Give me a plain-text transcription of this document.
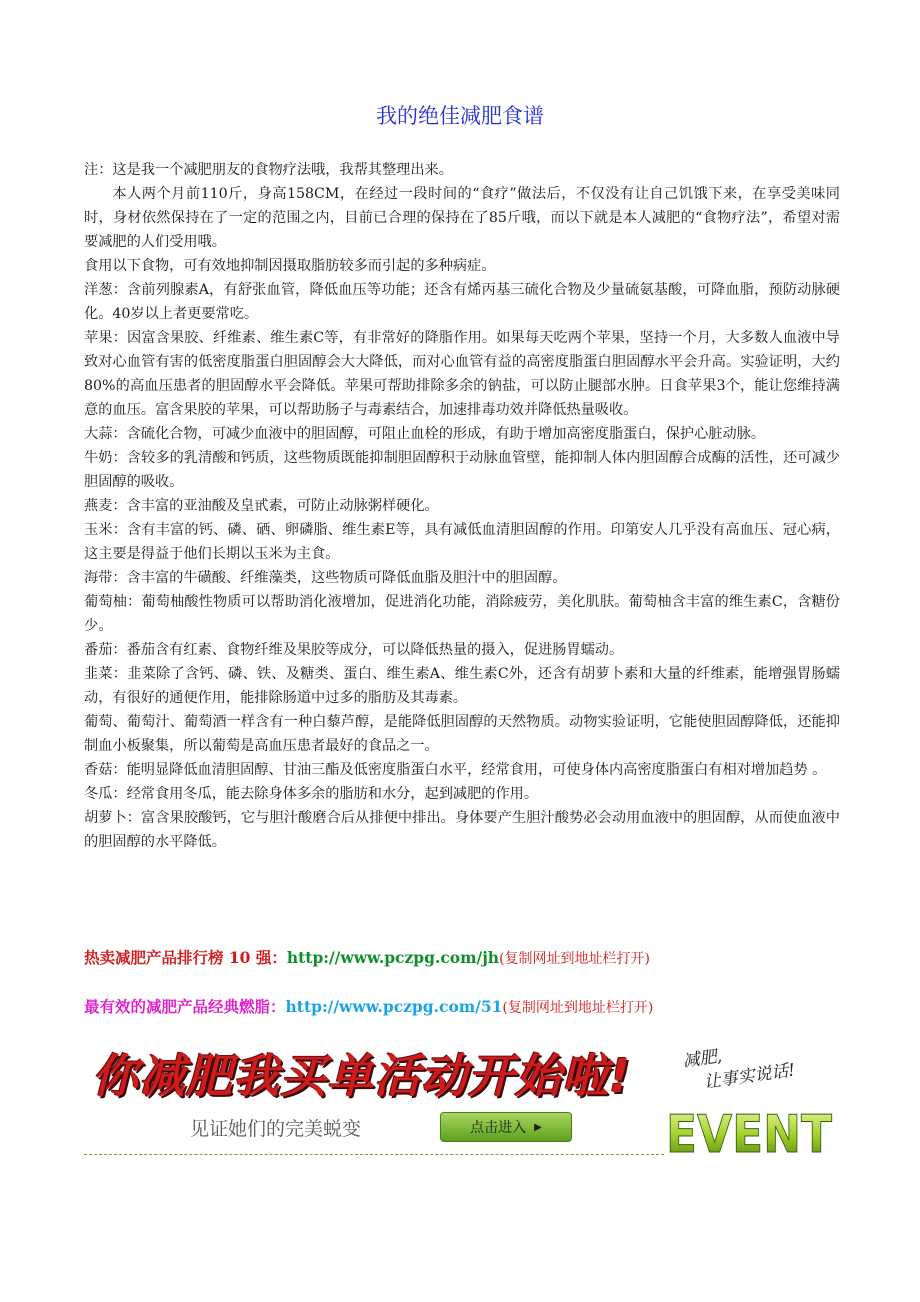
我的绝佳减肥食谱

注：这是我一个减肥朋友的食物疗法哦，我帮其整理出来。

本人两个月前110斤，身高158CM，在经过一段时间的“食疗”做法后，不仅没有让自己饥饿下来，在享受美味同时，身材依然保持在了一定的范围之内，目前已合理的保持在了85斤哦，而以下就是本人减肥的“食物疗法”，希望对需要减肥的人们受用哦。

食用以下食物，可有效地抑制因摄取脂肪较多而引起的多种病症。

洋葱：含前列腺素A，有舒张血管，降低血压等功能；还含有烯丙基三硫化合物及少量硫氨基酸，可降血脂，预防动脉硬化。40岁以上者更要常吃。

苹果：因富含果胶、纤维素、维生素C等，有非常好的降脂作用。如果每天吃两个苹果，坚持一个月，大多数人血液中导致对心血管有害的低密度脂蛋白胆固醇会大大降低，而对心血管有益的高密度脂蛋白胆固醇水平会升高。实验证明，大约80%的高血压患者的胆固醇水平会降低。苹果可帮助排除多余的钠盐，可以防止腿部水肿。日食苹果3个，能让您维持满意的血压。富含果胶的苹果，可以帮助肠子与毒素结合，加速排毒功效并降低热量吸收。

大蒜：含硫化合物，可减少血液中的胆固醇，可阻止血栓的形成，有助于增加高密度脂蛋白，保护心脏动脉。

牛奶：含较多的乳清酸和钙质，这些物质既能抑制胆固醇积于动脉血管壁，能抑制人体内胆固醇合成酶的活性，还可减少胆固醇的吸收。

燕麦：含丰富的亚油酸及皇甙素，可防止动脉粥样硬化。

玉米：含有丰富的钙、磷、硒、卵磷脂、维生素E等，具有减低血清胆固醇的作用。印第安人几乎没有高血压、冠心病，这主要是得益于他们长期以玉米为主食。

海带：含丰富的牛磺酸、纤维藻类，这些物质可降低血脂及胆汁中的胆固醇。

葡萄柚：葡萄柚酸性物质可以帮助消化液增加，促进消化功能，消除疲劳，美化肌肤。葡萄柚含丰富的维生素C，含糖份少。

番茄：番茄含有红素、食物纤维及果胶等成分，可以降低热量的摄入，促进肠胃蠕动。

韭菜：韭菜除了含钙、磷、铁、及糖类、蛋白、维生素A、维生素C外，还含有胡萝卜素和大量的纤维素，能增强胃肠蠕动，有很好的通便作用，能排除肠道中过多的脂肪及其毒素。

葡萄、葡萄汁、葡萄酒一样含有一种白藜芦醇，是能降低胆固醇的天然物质。动物实验证明，它能使胆固醇降低，还能抑制血小板聚集，所以葡萄是高血压患者最好的食品之一。

香菇：能明显降低血清胆固醇、甘油三酯及低密度脂蛋白水平，经常食用，可使身体内高密度脂蛋白有相对增加趋势 。

冬瓜：经常食用冬瓜，能去除身体多余的脂肪和水分，起到减肥的作用。

胡萝卜：富含果胶酸钙，它与胆汁酸磨合后从排便中排出。身体要产生胆汁酸势必会动用血液中的胆固醇，从而使血液中的胆固醇的水平降低。

热卖减肥产品排行榜 10 强：http://www.pczpg.com/jh(复制网址到地址栏打开)
最有效的减肥产品经典燃脂：http://www.pczpg.com/51(复制网址到地址栏打开)
你减肥我买单活动开始啦!	减肥,
让事实说话!
见证她们的完美蜕变	点击进入 ▶ EVENT
